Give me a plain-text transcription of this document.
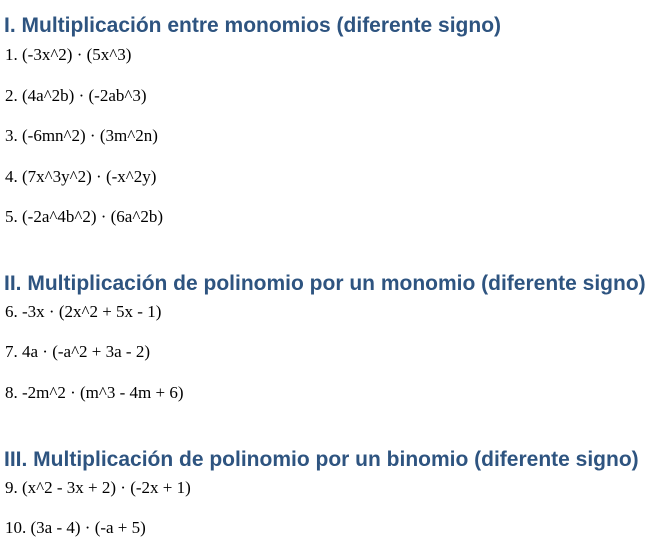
I. Multiplicación entre monomios (diferente signo)

1. (-3x^2) · (5x^3)

2. (4a^2b) · (-2ab^3)

3. (-6mn^2) · (3m^2n)

4. (7x^3y^2) · (-x^2y)

5. (-2a^4b^2) · (6a^2b)

II. Multiplicación de polinomio por un monomio (diferente signo)

6. -3x · (2x^2 + 5x - 1)

7. 4a · (-a^2 + 3a - 2)

8. -2m^2 · (m^3 - 4m + 6)

III. Multiplicación de polinomio por un binomio (diferente signo)

9. (x^2 - 3x + 2) · (-2x + 1)

10. (3a - 4) · (-a + 5)
